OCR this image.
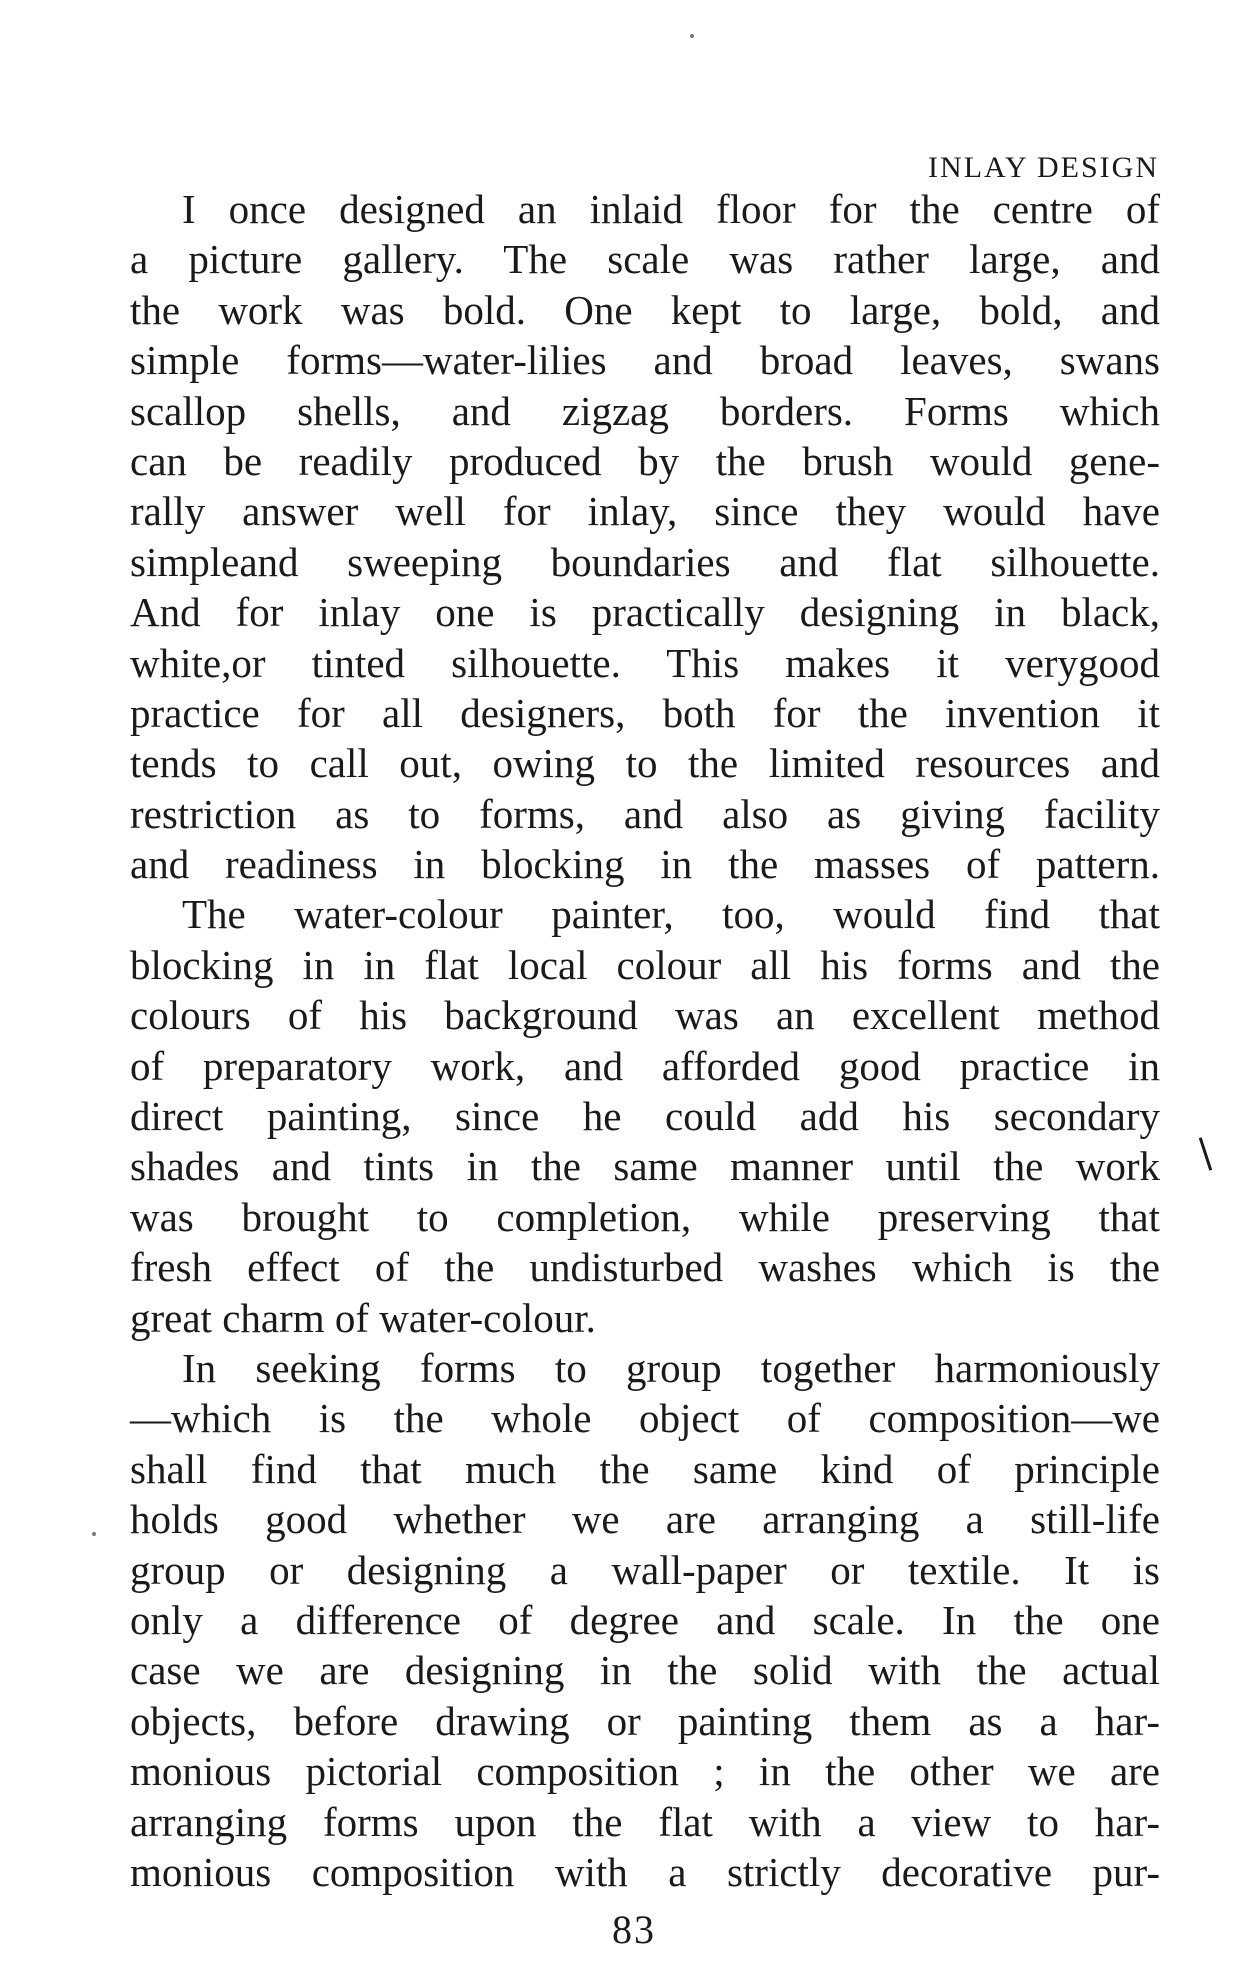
INLAY DESIGN
I once designed an inlaid floor for the centre of
a picture gallery. The scale was rather large, and
the work was bold. One kept to large, bold, and
simple forms—water-lilies and broad leaves, swans
scallop shells, and zigzag borders. Forms which
can be readily produced by the brush would gene-
rally answer well for inlay, since they would have
simpleand sweeping boundaries and flat silhouette.
And for inlay one is practically designing in black,
white,or tinted silhouette. This makes it verygood
practice for all designers, both for the invention it
tends to call out, owing to the limited resources and
restriction as to forms, and also as giving facility
and readiness in blocking in the masses of pattern.
The water-colour painter, too, would find that
blocking in in flat local colour all his forms and the
colours of his background was an excellent method
of preparatory work, and afforded good practice in
direct painting, since he could add his secondary
shades and tints in the same manner until the work
was brought to completion, while preserving that
fresh effect of the undisturbed washes which is the
great charm of water-colour.
In seeking forms to group together harmoniously
—which is the whole object of composition—we
shall find that much the same kind of principle
holds good whether we are arranging a still-life
group or designing a wall-paper or textile. It is
only a difference of degree and scale. In the one
case we are designing in the solid with the actual
objects, before drawing or painting them as a har-
monious pictorial composition ; in the other we are
arranging forms upon the flat with a view to har-
monious composition with a strictly decorative pur-
83
